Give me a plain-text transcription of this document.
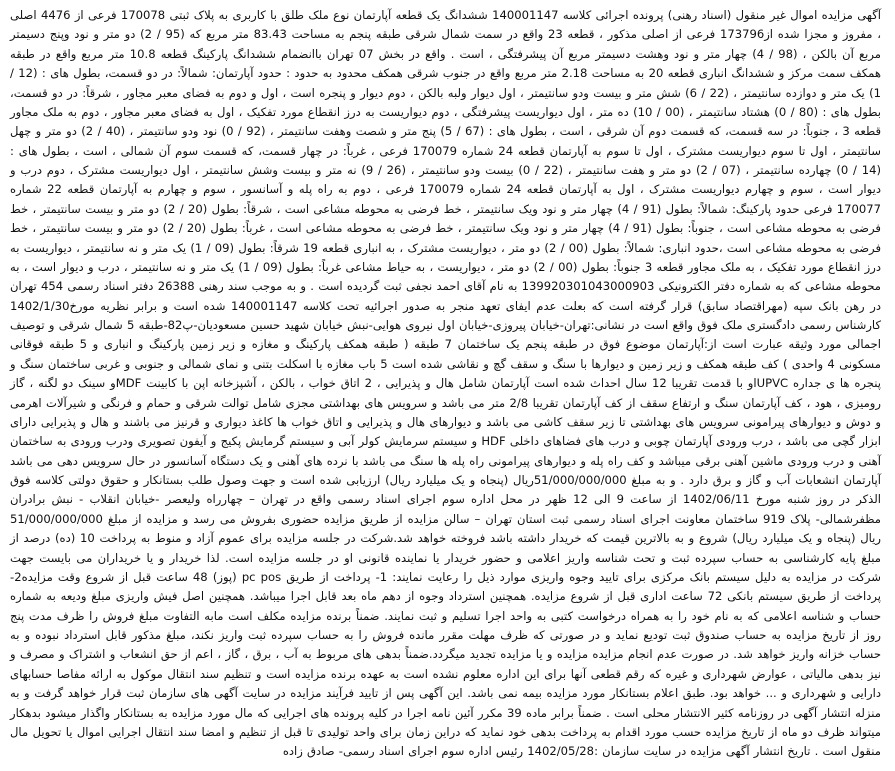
آگهی مزایده اموال غیر منقول (اسناد رهنی) پرونده اجرائی کلاسه 140001147 ششدانگ یک قطعه آپارتمان نوع ملک طلق با کاربری به پلاک ثبتی 170078 فرعی از 4476 اصلی ، مفروز و مجزا شده از173796 فرعی از اصلی مذکور ، قطعه 23 واقع در سمت شمال شرقی طبقه پنجم به مساحت 83.43 متر مربع که (95 / 2) دو متر و نود وپنج دسیمتر مربع آن بالکن ، (98 / 4) چهار متر و نود وهشت دسیمتر مربع آن پیشرفتگی ، است . واقع در بخش 07 تهران باانضمام ششدانگ پارکینگ قطعه 10.8 متر مربع واقع در طبقه همکف سمت مرکز و ششدانگ انباری قطعه 20 به مساحت 2.18 متر مربع واقع در جنوب شرقی همکف محدود به حدود : حدود آپارتمان: شمالاً: در دو قسمت، بطول های : (12 / 1) یک متر و دوازده سانتیمتر ، (22 / 6) شش متر و بیست ودو سانتیمتر ، اول دیوار ولبه بالکن ، دوم دیوار و پنجره است ، اول و دوم به فضای معبر مجاور ، شرقاً: در دو قسمت، بطول های : (80 / 0) هشتاد سانتیمتر ، (00 / 10) ده متر ، اول دیواریست پیشرفتگی ، دوم دیواریست به درز انقطاع مورد تفکیک ، اول به فضای معبر مجاور ، دوم به ملک مجاور قطعه 3 ، جنوباً: در سه قسمت، که قسمت دوم آن شرقی ، است ، بطول های : (67 / 5) پنج متر و شصت وهفت سانتیمتر ، (92 / 0) نود ودو سانتیمتر ، (40 / 2) دو متر و چهل سانتیمتر ، اول تا سوم دیواریست مشترک ، اول تا سوم به آپارتمان قطعه 24 شماره 170079 فرعی ، غرباً: در چهار قسمت، که قسمت سوم آن شمالی ، است ، بطول های : (14 / 0) چهارده سانتیمتر ، (07 / 2) دو متر و هفت سانتیمتر ، (22 / 0) بیست ودو سانتیمتر ، (26 / 9) نه متر و بیست وشش سانتیمتر ، اول دیواریست مشترک ، دوم درب و دیوار است ، سوم و چهارم دیواریست مشترک ، اول به آپارتمان قطعه 24 شماره 170079 فرعی ، دوم به راه پله و آسانسور ، سوم و چهارم به آپارتمان قطعه 22 شماره 170077 فرعی حدود پارکینگ: شمالاً: بطول (91 / 4) چهار متر و نود ویک سانتیمتر ، خط فرضی به محوطه مشاعی است ، شرقاً: بطول (20 / 2) دو متر و بیست سانتیمتر ، خط فرضی به محوطه مشاعی است ، جنوباً: بطول (91 / 4) چهار متر و نود ویک سانتیمتر ، خط فرضی به محوطه مشاعی است ، غرباً: بطول (20 / 2) دو متر و بیست سانتیمتر ، خط فرضی به محوطه مشاعی است ،حدود انباری: شمالاً: بطول (00 / 2) دو متر ، دیواریست مشترک ، به انباری قطعه 19 شرقاً: بطول (09 / 1) یک متر و نه سانتیمتر ، دیواریست به درز انقطاع مورد تفکیک ، به ملک مجاور قطعه 3 جنوباً: بطول (00 / 2) دو متر ، دیواریست ، به حیاط مشاعی غرباً: بطول (09 / 1) یک متر و نه سانتیمتر ، درب و دیوار است ، به محوطه مشاعی که به شماره دفتر الکترونیکی 139920301043000903 به نام آقای احمد نجفی ثبت گردیده است . و به موجب سند رهنی 26388 دفتر اسناد رسمی 454 تهران در رهن بانک سپه (مهراقتصاد سابق) قرار گرفته است که بعلت عدم ایفای تعهد منجر به صدور اجرائیه تحت کلاسه 140001147 شده است و برابر نظریه مورخ1402/1/30 کارشناس رسمی دادگستری ملک فوق واقع است در نشانی:تهران-خیابان پیروزی-خیابان اول نیروی هوایی-نبش خیابان شهید حسین مسعودیان-پ82-طبقه 5 شمال شرقی و توصیف اجمالی مورد وثیقه عبارت است از:آپارتمان موضوع فوق در طبقه پنجم یک ساختمان 7 طبقه ( طبقه همکف پارکینگ و مغازه و زیر زمین پارکینگ و انباری و 5 طبقه فوقانی مسکونی 4 واحدی ) کف طبقه همکف و زیر زمین و دیوارها با سنگ و سقف گچ و نقاشی شده است 5 باب مغازه با اسکلت بتنی و نمای شمالی و جنوبی و غربی ساختمان سنگ و پنجره ها ی جداره UPVCاو با قدمت تقریبا 12 سال احداث شده است آپارتمان شامل هال و پذیرایی ، 2 اتاق خواب ، بالکن ، آشپزخانه اپن با کابینت MDFو سینک دو لگنه ، گاز رومیزی ، هود ، کف آپارتمان سنگ و ارتفاع سقف از کف آپارتمان تقریبا 2/8 متر می باشد و سرویس های بهداشتی مجزی شامل توالت شرقی و حمام و فرنگی و شیرآلات اهرمی و دوش و دیوارهای پیرامونی سرویس های بهداشتی تا زیر سقف کاشی می باشد و دیوارهای هال و پذیرایی و اتاق خواب ها کاغذ دیواری و قرنیز می باشند و هال و پذیرایی دارای ابزار گچی می باشد ، درب ورودی آپارتمان چوبی و درب های فضاهای داخلی HDF و سیستم سرمایش کولر آبی و سیستم گرمایش پکیج و آیفون تصویری ودرب ورودی به ساختمان آهنی و درب ورودی ماشین آهنی برقی میباشد و کف راه پله و دیوارهای پیرامونی راه پله ها سنگ می باشد با نرده های آهنی و یک دستگاه آسانسور در حال سرویس دهی می باشد آپارتمان انشعابات آب و گاز و برق دارد . و به مبلغ 51/000/000/000ریال (پنجاه و یک میلیارد ریال) ارزیابی شده است و جهت وصول طلب بستانکار و حقوق دولتی کلاسه فوق الذکر در روز شنبه مورخ 1402/06/11 از ساعت 9 الی 12 ظهر در محل اداره سوم اجرای اسناد رسمی واقع در تهران – چهارراه ولیعصر -خیابان انقلاب - نبش برادران مظفرشمالی- پلاک 919 ساختمان معاونت اجرای اسناد رسمی ثبت استان تهران – سالن مزایده از طریق مزایده حضوری بفروش می رسد و مزایده از مبلغ 51/000/000/000 ریال (پنجاه و یک میلیارد ریال) شروع و به بالاترین قیمت که خریدار داشته باشد فروخته خواهد شد.شرکت در جلسه مزایده برای عموم آزاد و منوط به پرداخت 10 (ده) درصد از مبلغ پایه کارشناسی به حساب سپرده ثبت و تحت شناسه واریز اعلامی و حضور خریدار یا نماینده قانونی او در جلسه مزایده است. لذا خریدار و یا خریداران می بایست جهت شرکت در مزایده به دلیل سیستم بانک مرکزی برای تایید وجوه واریزی موارد ذیل را رعایت نمایند: 1- پرداخت از طریق pc pos (پوز) 48 ساعت قبل از شروع وقت مزایده2- پرداخت از طریق سیستم بانکی 72 ساعت اداری قبل از شروع مزایده. همچنین استرداد وجوه از دهم ماه بعد قابل اجرا میباشد. همچنین اصل فیش واریزی مبلغ ودیعه به شماره حساب و شناسه اعلامی که به نام خود را به همراه درخواست کتبی به واحد اجرا تسلیم و ثبت نمایند. ضمناً برنده مزایده مکلف است مابه التفاوت مبلغ فروش را ظرف مدت پنج روز از تاریخ مزایده به حساب صندوق ثبت تودیع نماید و در صورتی که ظرف مهلت مقرر مانده فروش را به حساب سپرده ثبت واریز نکند، مبلغ مذکور قابل استرداد نبوده و به حساب خزانه واریز خواهد شد. در صورت عدم انجام مزایده مزایده و یا مزایده تجدید میگردد.ضمناً بدهی های مربوط به آب ، برق ، گاز ، اعم از حق انشعاب و اشتراک و مصرف و نیز بدهی مالیاتی ، عوارض شهرداری و غیره که رقم قطعی آنها برای این اداره معلوم نشده است به عهده برنده مزایده است و تنظیم سند انتقال موکول به ارائه مفاصا حسابهای دارایی و شهرداری و ... خواهد بود. طبق اعلام بستانکار مورد مزایده بیمه نمی باشد. این آگهی پس از تایید فرآیند مزایده در سایت آگهی های سازمان ثبت قرار خواهد گرفت و به منزله انتشار آگهی در روزنامه کثیر الانتشار محلی است . ضمناً برابر ماده 39 مکرر آئین نامه اجرا در کلیه پرونده های اجرایی که مال مورد مزایده به بستانکار واگذار میشود بدهکار میتواند ظرف دو ماه از تاریخ مزایده حسب مورد اقدام به پرداخت بدهی خود نماید که دراین زمان برای واحد تولیدی تا قبل از تنظیم و امضا سند انتقال اجرایی اموال یا تحویل مال منقول است . تاریخ انتشار آگهی مزایده در سایت سازمان :1402/05/28 رئیس اداره سوم اجرای اسناد رسمی- صادق زاده
